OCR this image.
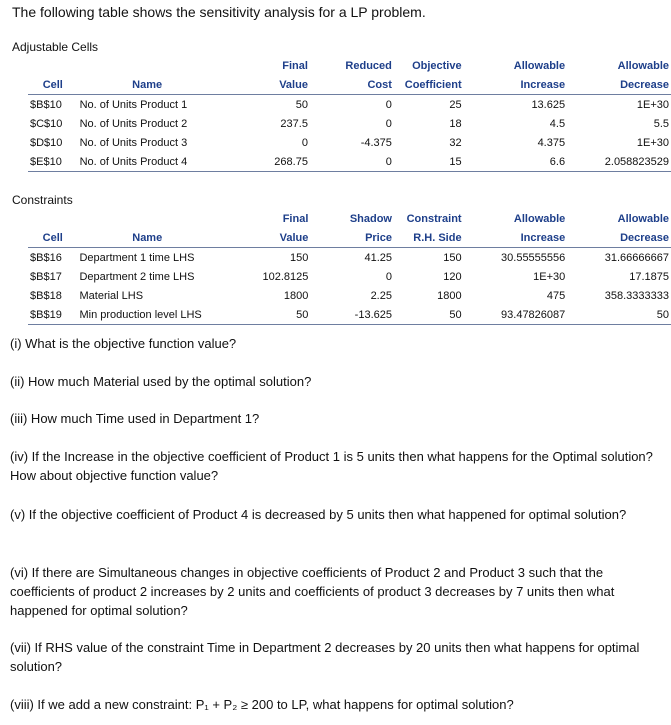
The following table shows the sensitivity analysis for a LP problem.
Adjustable Cells
		Final	Reduced	Objective	Allowable	Allowable
Cell	Name	Value	Cost	Coefficient	Increase	Decrease
$B$10	No. of Units Product 1	50	0	25	13.625	1E+30
$C$10	No. of Units Product 2	237.5	0	18	4.5	5.5
$D$10	No. of Units Product 3	0	-4.375	32	4.375	1E+30
$E$10	No. of Units Product 4	268.75	0	15	6.6	2.058823529
Constraints
		Final	Shadow	Constraint	Allowable	Allowable
Cell	Name	Value	Price	R.H. Side	Increase	Decrease
$B$16	Department 1 time LHS	150	41.25	150	30.55555556	31.66666667
$B$17	Department 2 time LHS	102.8125	0	120	1E+30	17.1875
$B$18	Material LHS	1800	2.25	1800	475	358.3333333
$B$19	Min production level LHS	50	-13.625	50	93.47826087	50
(i) What is the objective function value?
(ii) How much Material used by the optimal solution?
(iii) How much Time used in Department 1?
(iv) If the Increase in the objective coefficient of Product 1 is 5 units then what happens for the Optimal solution? How about objective function value?
(v) If the objective coefficient of Product 4 is decreased by 5 units then what happened for optimal solution?
(vi) If there are Simultaneous changes in objective coefficients of Product 2 and Product 3 such that the coefficients of product 2 increases by 2 units and coefficients of product 3 decreases by 7 units then what happened for optimal solution?
(vii) If RHS value of the constraint Time in Department 2 decreases by 20 units then what happens for optimal solution?
(viii) If we add a new constraint: P₁ + P₂ ≥ 200 to LP, what happens for optimal solution?
